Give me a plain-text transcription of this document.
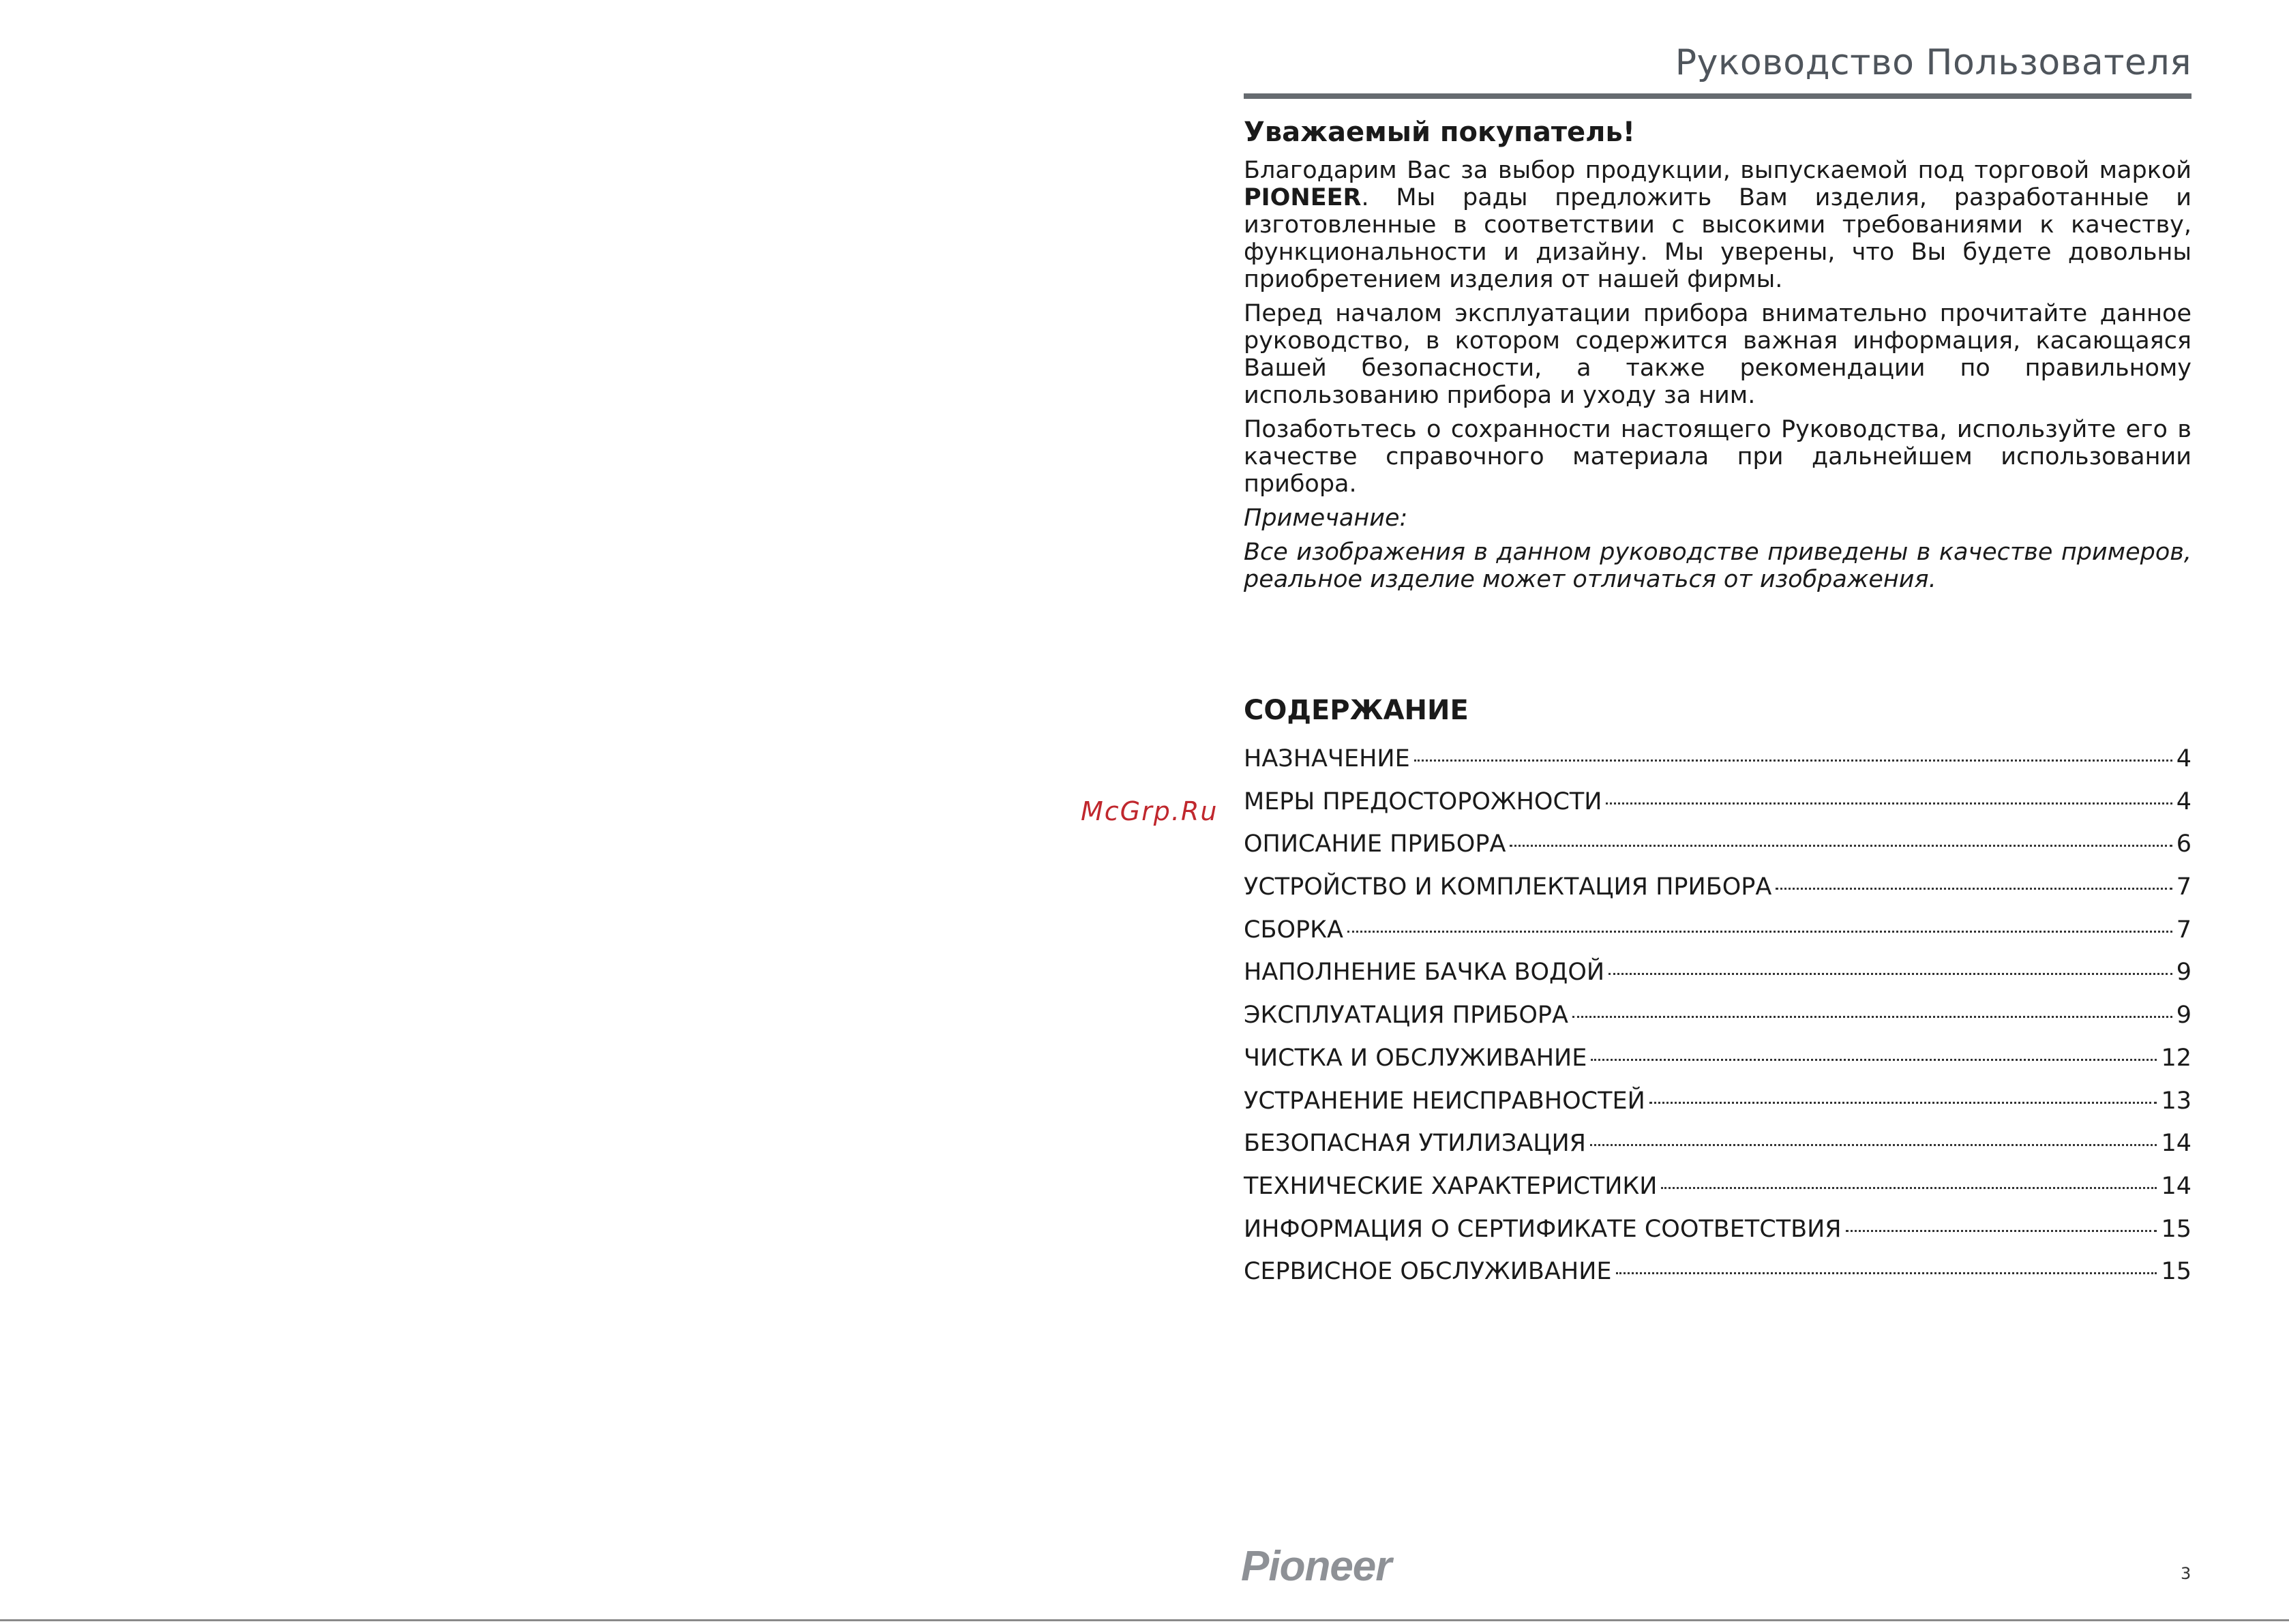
McGrp.Ru
Руководство Пользователя
Уважаемый покупатель!

Благодарим Вас за выбор продукции, выпускаемой под торговой маркой PIONEER. Мы рады предложить Вам изделия, разработанные и изготовленные в соответствии с высокими требованиями к качеству, функциональности и дизайну. Мы уверены, что Вы будете довольны приобретением изделия от нашей фирмы.

Перед началом эксплуатации прибора внимательно прочитайте данное руководство, в котором содержится важная информация, касающаяся Вашей безопасности, а также рекомендации по правильному использованию прибора и уходу за ним.

Позаботьтесь о сохранности настоящего Руководства, используйте его в качестве справочного материала при дальнейшем использовании прибора.

Примечание:

Все изображения в данном руководстве приведены в качестве примеров, реальное изделие может отличаться от изображения.

СОДЕРЖАНИЕ
НАЗНАЧЕНИЕ	4
МЕРЫ ПРЕДОСТОРОЖНОСТИ	4
ОПИСАНИЕ ПРИБОРА	6
УСТРОЙСТВО И КОМПЛЕКТАЦИЯ ПРИБОРА	7
СБОРКА	7
НАПОЛНЕНИЕ БАЧКА ВОДОЙ	9
ЭКСПЛУАТАЦИЯ ПРИБОРА	9
ЧИСТКА И ОБСЛУЖИВАНИЕ	12
УСТРАНЕНИЕ НЕИСПРАВНОСТЕЙ	13
БЕЗОПАСНАЯ УТИЛИЗАЦИЯ	14
ТЕХНИЧЕСКИЕ ХАРАКТЕРИСТИКИ	14
ИНФОРМАЦИЯ О СЕРТИФИКАТЕ СООТВЕТСТВИЯ	15
СЕРВИСНОЕ ОБСЛУЖИВАНИЕ	15
Pioneer	3
